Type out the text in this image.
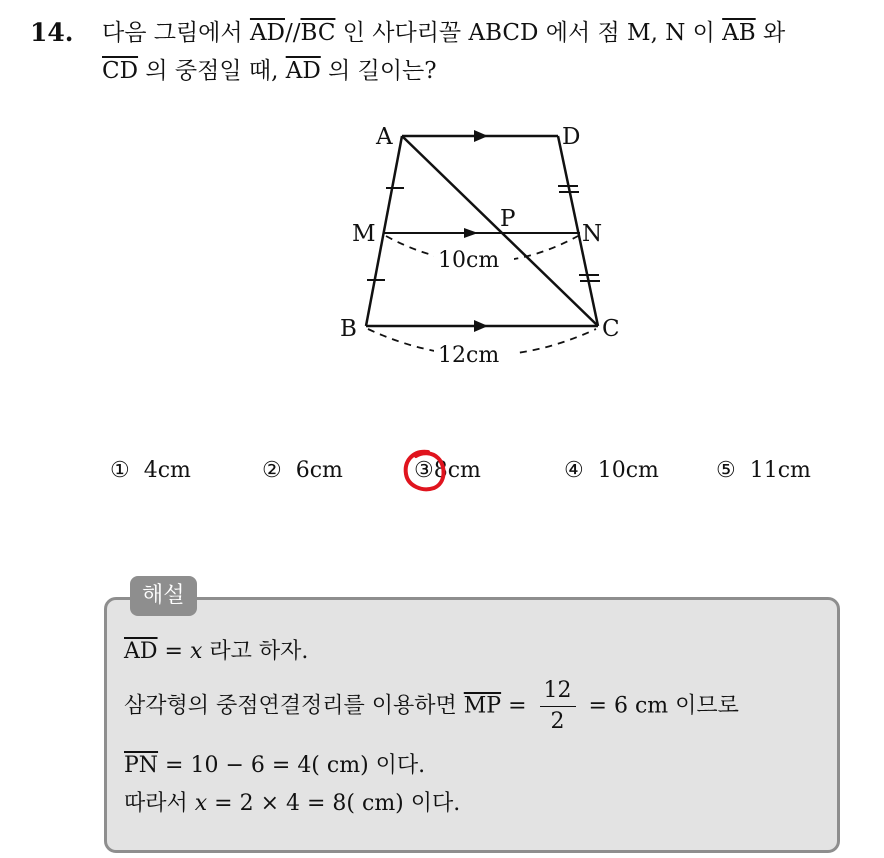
14. 다음 그림에서 $\overline{AD}//\overline{BC}$ 인 사다리꼴 ABCD 에서 점 M, N 이 $\overline{AB}$ 와
$\overline{CD}$ 의 중점일 때, $\overline{AD}$ 의 길이는?
A	D
M	N
P
B	C
10cm
12cm
① 4cm	② 6cm	③8cm	④ 10cm	⑤ 11cm
해설
$\overline{AD} = x$ 라고 하자.
삼각형의 중점연결정리를 이용하면 $\overline{MP} = \frac{12}{2} = 6$ cm 이므로
$\overline{PN} = 10 - 6 = 4$( cm) 이다.
따라서 x = 2 × 4 = 8( cm) 이다.
